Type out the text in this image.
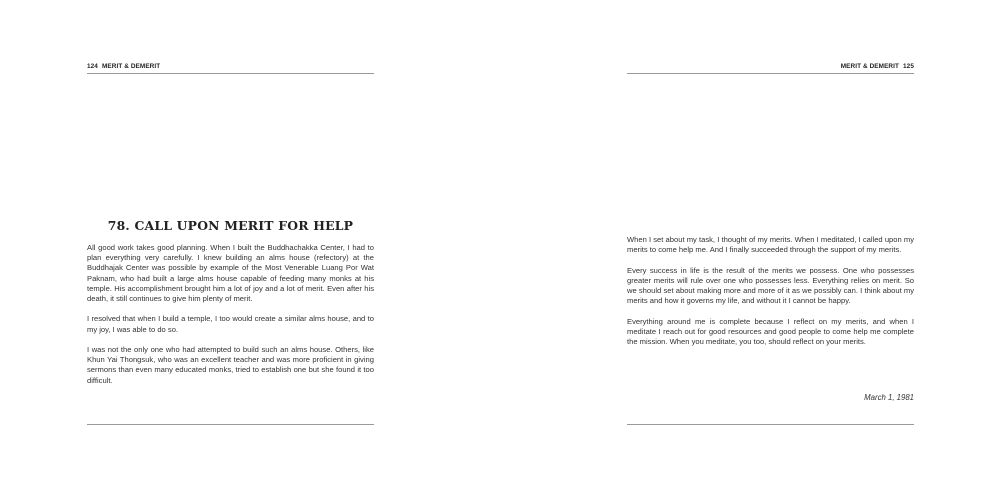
124 MERIT & DEMERIT
78. CALL UPON MERIT FOR HELP

All good work takes good planning. When I built the Buddhachakka Center, I had to plan everything very carefully. I knew building an alms house (refectory) at the Buddhajak Center was possible by example of the Most Venerable Luang Por Wat Paknam, who had built a large alms house capable of feeding many monks at his temple. His accomplishment brought him a lot of joy and a lot of merit. Even after his death, it still continues to give him plenty of merit.

I resolved that when I build a temple, I too would create a similar alms house, and to my joy, I was able to do so.

I was not the only one who had attempted to build such an alms house. Others, like Khun Yai Thongsuk, who was an excellent teacher and was more proficient in giving sermons than even many educated monks, tried to establish one but she found it too difficult.

MERIT & DEMERIT 125

When I set about my task, I thought of my merits. When I meditated, I called upon my merits to come help me. And I finally succeeded through the support of my merits.

Every success in life is the result of the merits we possess. One who possesses greater merits will rule over one who possesses less. Everything relies on merit. So we should set about making more and more of it as we possibly can. I think about my merits and how it governs my life, and without it I cannot be happy.

Everything around me is complete because I reflect on my merits, and when I meditate I reach out for good resources and good people to come help me complete the mission. When you meditate, you too, should reflect on your merits.

March 1, 1981
